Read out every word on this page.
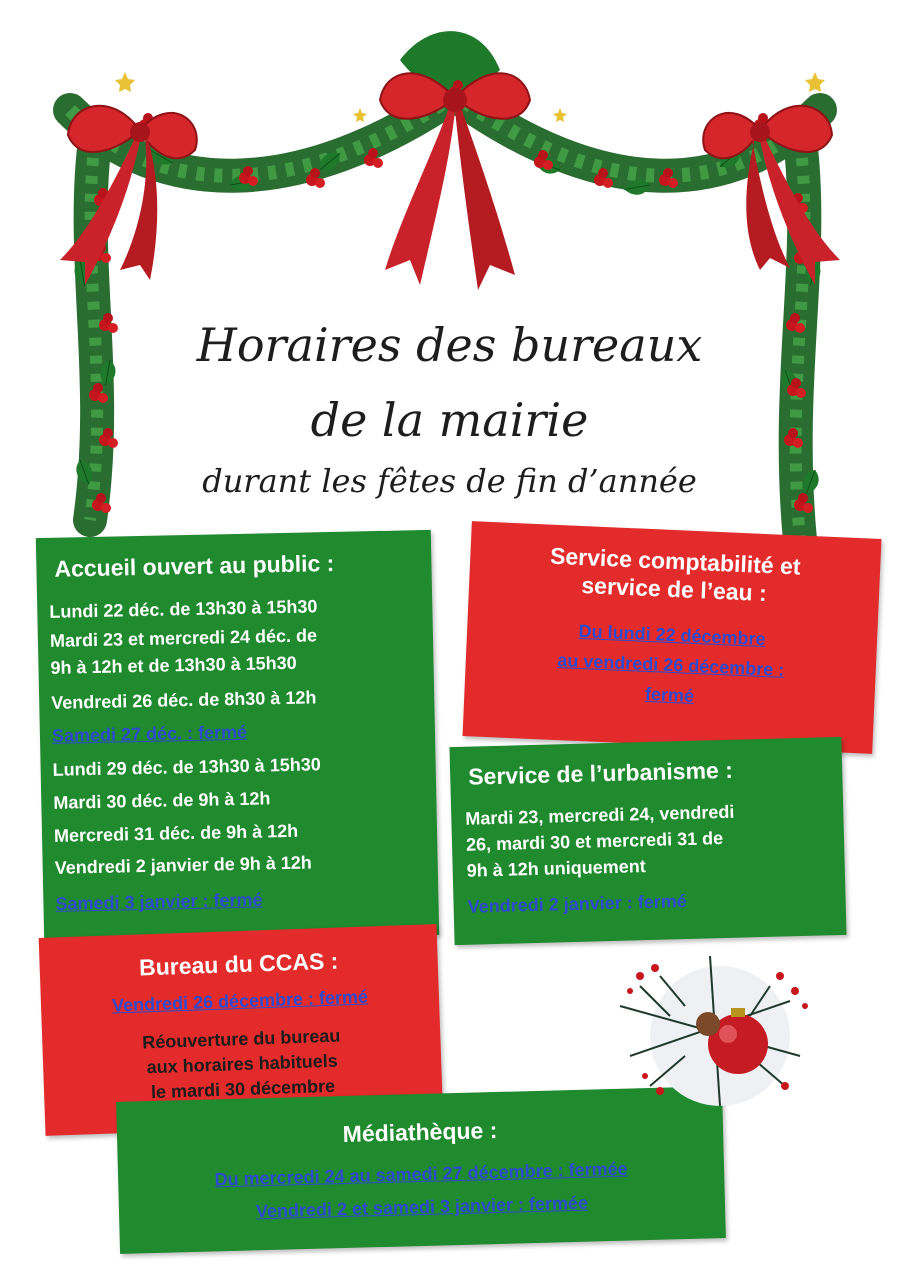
Horaires des bureaux
de la mairie
durant les fêtes de fin d’année
Accueil ouvert au public :
Lundi 22 déc. de 13h30 à 15h30
Mardi 23 et mercredi 24 déc. de
9h à 12h et de 13h30 à 15h30
Vendredi 26 déc. de 8h30 à 12h
Samedi 27 déc. : fermé
Lundi 29 déc. de 13h30 à 15h30
Mardi 30 déc. de 9h à 12h
Mercredi 31 déc. de 9h à 12h
Vendredi 2 janvier de 9h à 12h
Samedi 3 janvier : fermé
Service comptabilité et
service de l’eau :
Du lundi 22 décembre
au vendredi 26 décembre :
fermé
Service de l’urbanisme :
Mardi 23, mercredi 24, vendredi
26, mardi 30 et mercredi 31 de
9h à 12h uniquement
Vendredi 2 janvier : fermé
Bureau du CCAS :
Vendredi 26 décembre : fermé
Réouverture du bureau
aux horaires habituels
le mardi 30 décembre
Médiathèque :
Du mercredi 24 au samedi 27 décembre : fermée
Vendredi 2 et samedi 3 janvier : fermée
